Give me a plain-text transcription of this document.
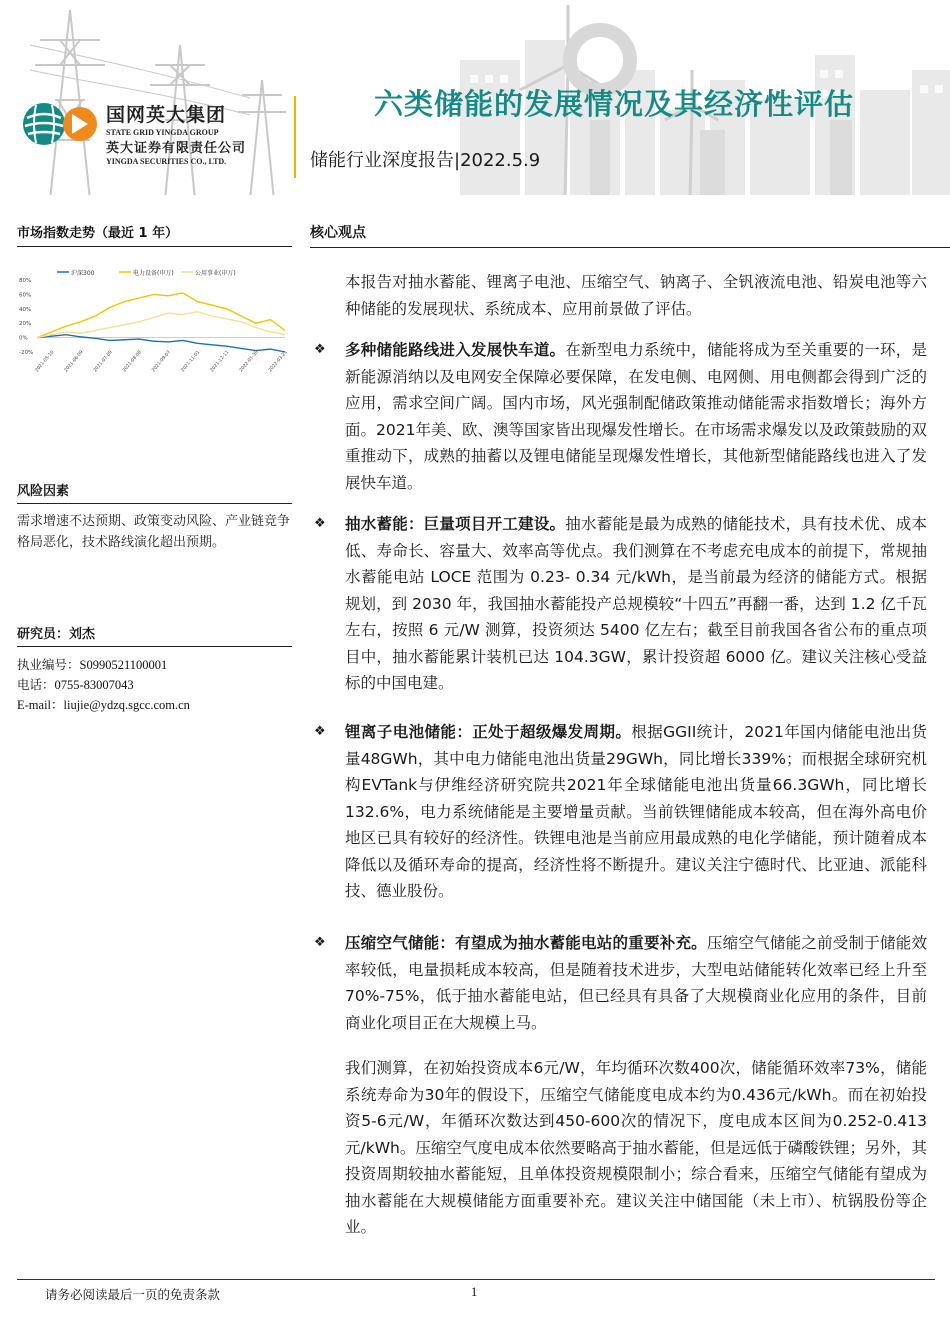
国网英大集团
STATE GRID YINGDA GROUP
英大证券有限责任公司
YINGDA SECURITIES CO., LTD.
六类储能的发展情况及其经济性评估
储能行业深度报告|2022.5.9
市场指数走势（最近 1 年）
沪深300	电力设备(申万)	公用事业(申万)
80%
60%
40%
20%
0%
-20% 2021-05-10 2021-06-09 2021-07-09 2021-08-08 2021-09-07 2021-11-01 2021-12-11 2022-01-30 2022-03-21
风险因素
需求增速不达预期、政策变动风险、产业链竞争格局恶化，技术路线演化超出预期。
研究员：刘杰
执业编号：S0990521100001
电话：0755-83007043
E-mail：liujie@ydzq.sgcc.com.cn
核心观点
本报告对抽水蓄能、锂离子电池、压缩空气、钠离子、全钒液流电池、铅炭电池等六种储能的发展现状、系统成本、应用前景做了评估。
❖ 多种储能路线进入发展快车道。在新型电力系统中，储能将成为至关重要的一环，是新能源消纳以及电网安全保障必要保障，在发电侧、电网侧、用电侧都会得到广泛的应用，需求空间广阔。国内市场，风光强制配储政策推动储能需求指数增长；海外方面。2021年美、欧、澳等国家皆出现爆发性增长。在市场需求爆发以及政策鼓励的双重推动下，成熟的抽蓄以及锂电储能呈现爆发性增长，其他新型储能路线也进入了发展快车道。
❖ 抽水蓄能：巨量项目开工建设。抽水蓄能是最为成熟的储能技术，具有技术优、成本低、寿命长、容量大、效率高等优点。我们测算在不考虑充电成本的前提下，常规抽水蓄能电站 LOCE 范围为 0.23- 0.34 元/kWh，是当前最为经济的储能方式。根据规划，到 2030 年，我国抽水蓄能投产总规模较“十四五”再翻一番，达到 1.2 亿千瓦左右，按照 6 元/W 测算，投资须达 5400 亿左右；截至目前我国各省公布的重点项目中，抽水蓄能累计装机已达 104.3GW，累计投资超 6000 亿。建议关注核心受益标的中国电建。
❖ 锂离子电池储能：正处于超级爆发周期。根据GGII统计，2021年国内储能电池出货量48GWh，其中电力储能电池出货量29GWh，同比增长339%；而根据全球研究机构EVTank与伊维经济研究院共2021年全球储能电池出货量66.3GWh，同比增长132.6%，电力系统储能是主要增量贡献。当前铁锂储能成本较高，但在海外高电价地区已具有较好的经济性。铁锂电池是当前应用最成熟的电化学储能，预计随着成本降低以及循环寿命的提高，经济性将不断提升。建议关注宁德时代、比亚迪、派能科技、德业股份。
❖ 压缩空气储能：有望成为抽水蓄能电站的重要补充。压缩空气储能之前受制于储能效率较低，电量损耗成本较高，但是随着技术进步，大型电站储能转化效率已经上升至70%-75%，低于抽水蓄能电站，但已经具有具备了大规模商业化应用的条件，目前商业化项目正在大规模上马。
我们测算，在初始投资成本6元/W，年均循环次数400次，储能循环效率73%，储能系统寿命为30年的假设下，压缩空气储能度电成本约为0.436元/kWh。而在初始投资5-6元/W，年循环次数达到450-600次的情况下，度电成本区间为0.252-0.413元/kWh。压缩空气度电成本依然要略高于抽水蓄能，但是远低于磷酸铁锂；另外，其投资周期较抽水蓄能短，且单体投资规模限制小；综合看来，压缩空气储能有望成为抽水蓄能在大规模储能方面重要补充。建议关注中储国能（未上市）、杭锅股份等企业。
请务必阅读最后一页的免责条款	1
